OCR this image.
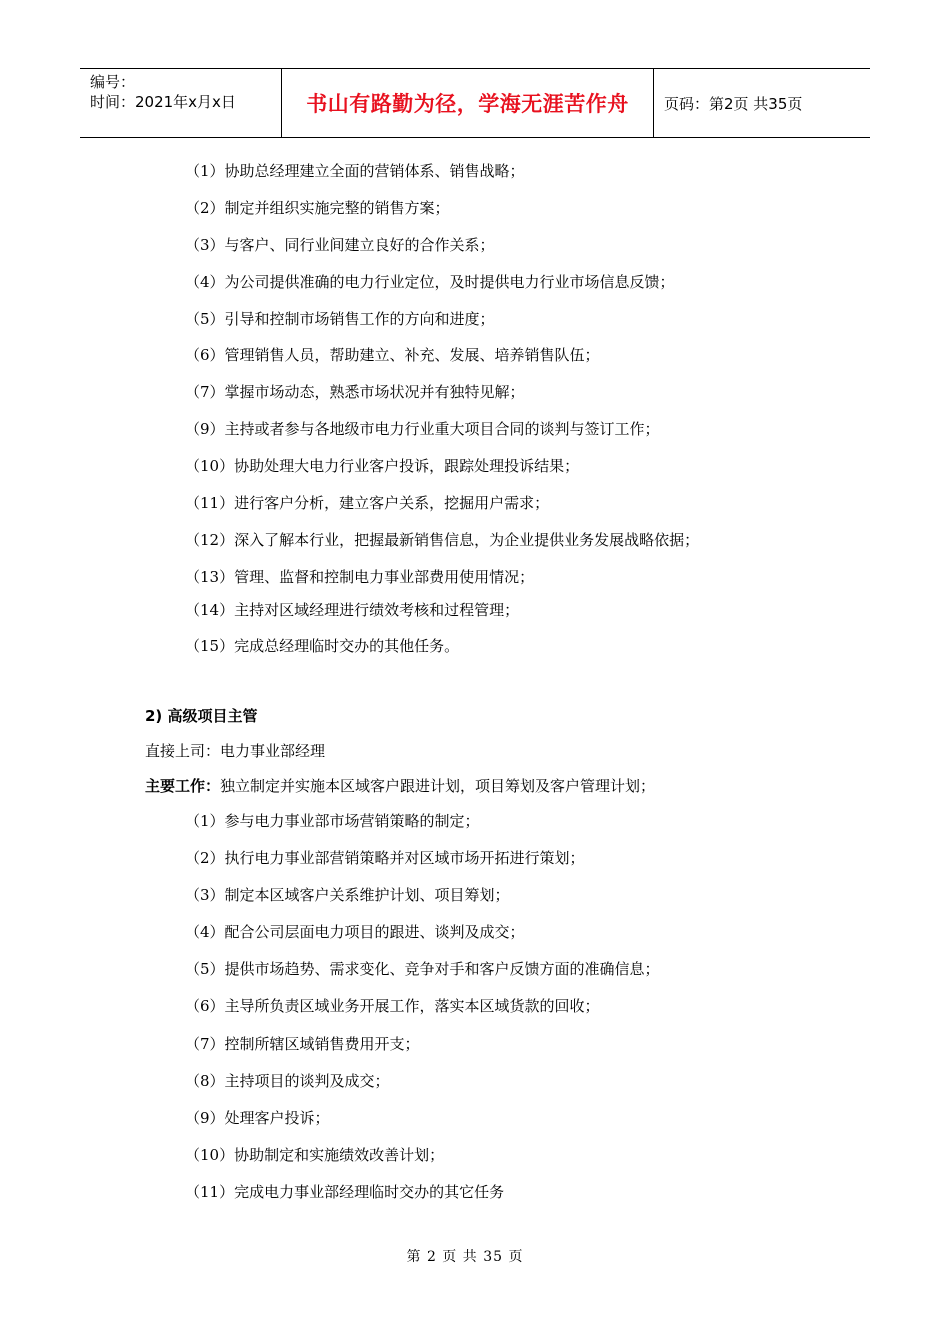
编号：
时间：2021年x月x日	书山有路勤为径，学海无涯苦作舟	页码：第2页 共35页
（1）协助总经理建立全面的营销体系、销售战略；
（2）制定并组织实施完整的销售方案；
（3）与客户、同行业间建立良好的合作关系；
（4）为公司提供准确的电力行业定位，及时提供电力行业市场信息反馈；
（5）引导和控制市场销售工作的方向和进度；
（6）管理销售人员，帮助建立、补充、发展、培养销售队伍；
（7）掌握市场动态，熟悉市场状况并有独特见解；
（9）主持或者参与各地级市电力行业重大项目合同的谈判与签订工作；
（10）协助处理大电力行业客户投诉，跟踪处理投诉结果；
（11）进行客户分析，建立客户关系，挖掘用户需求；
（12）深入了解本行业，把握最新销售信息，为企业提供业务发展战略依据；
（13）管理、监督和控制电力事业部费用使用情况；
（14）主持对区域经理进行绩效考核和过程管理；
（15）完成总经理临时交办的其他任务。
2) 高级项目主管
直接上司：电力事业部经理
主要工作：独立制定并实施本区域客户跟进计划，项目筹划及客户管理计划；
（1）参与电力事业部市场营销策略的制定；
（2）执行电力事业部营销策略并对区域市场开拓进行策划；
（3）制定本区域客户关系维护计划、项目筹划；
（4）配合公司层面电力项目的跟进、谈判及成交；
（5）提供市场趋势、需求变化、竞争对手和客户反馈方面的准确信息；
（6）主导所负责区域业务开展工作，落实本区域货款的回收；
（7）控制所辖区域销售费用开支；
（8）主持项目的谈判及成交；
（9）处理客户投诉；
（10）协助制定和实施绩效改善计划；
（11）完成电力事业部经理临时交办的其它任务
第 2 页 共 35 页
